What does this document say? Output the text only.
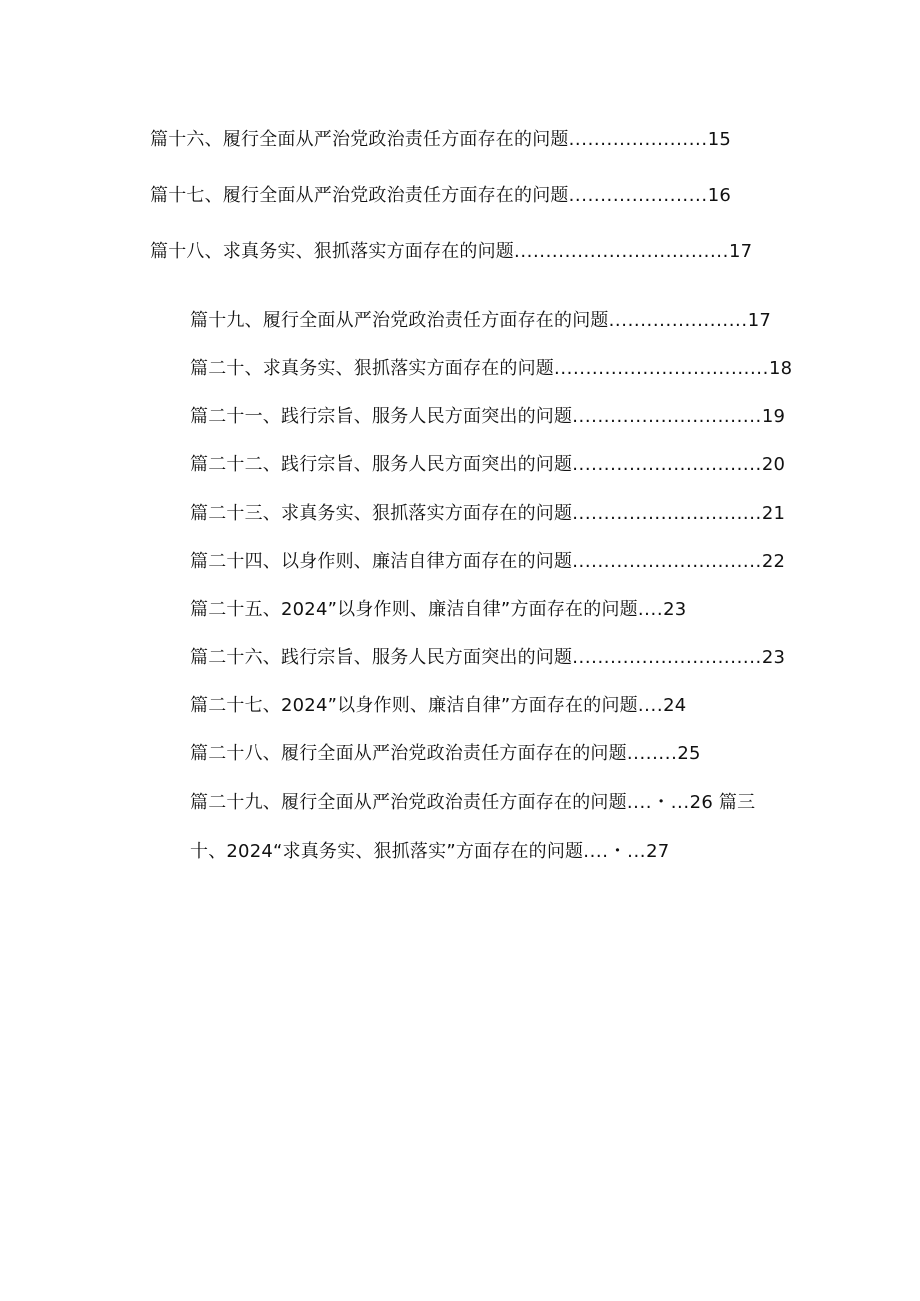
篇十六、履行全面从严治党政治责任方面存在的问题......................15
篇十七、履行全面从严治党政治责任方面存在的问题......................16
篇十八、求真务实、狠抓落实方面存在的问题..................................17
篇十九、履行全面从严治党政治责任方面存在的问题......................17
篇二十、求真务实、狠抓落实方面存在的问题..................................18
篇二十一、践行宗旨、服务人民方面突出的问题..............................19
篇二十二、践行宗旨、服务人民方面突出的问题..............................20
篇二十三、求真务实、狠抓落实方面存在的问题..............................21
篇二十四、以身作则、廉洁自律方面存在的问题..............................22
篇二十五、2024”以身作则、廉洁自律”方面存在的问题....23
篇二十六、践行宗旨、服务人民方面突出的问题..............................23
篇二十七、2024”以身作则、廉洁自律”方面存在的问题....24
篇二十八、履行全面从严治党政治责任方面存在的问题........25
篇二十九、履行全面从严治党政治责任方面存在的问题....・...26 篇三
十、2024“求真务实、狠抓落实”方面存在的问题....・...27
